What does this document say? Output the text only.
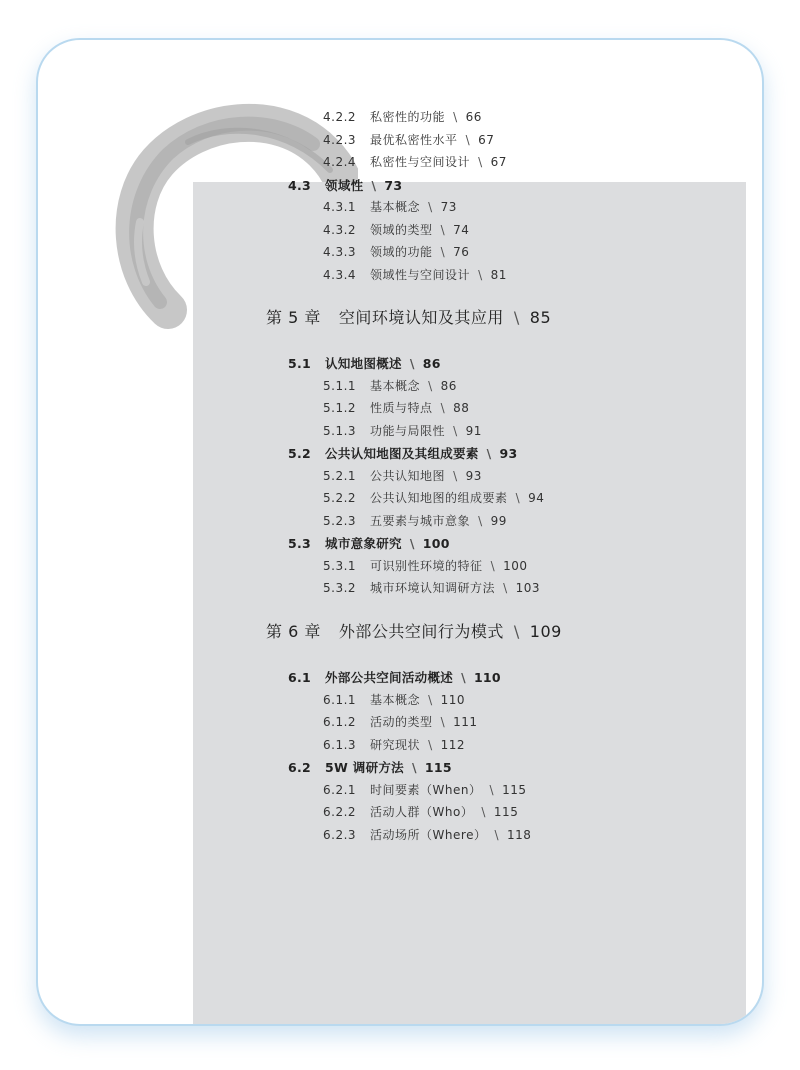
4.2.2 私密性的功能 \ 66
4.2.3 最优私密性水平 \ 67
4.2.4 私密性与空间设计 \ 67
4.3 领域性 \ 73
4.3.1 基本概念 \ 73
4.3.2 领域的类型 \ 74
4.3.3 领域的功能 \ 76
4.3.4 领域性与空间设计 \ 81
第 5 章 空间环境认知及其应用 \ 85
5.1 认知地图概述 \ 86
5.1.1 基本概念 \ 86
5.1.2 性质与特点 \ 88
5.1.3 功能与局限性 \ 91
5.2 公共认知地图及其组成要素 \ 93
5.2.1 公共认知地图 \ 93
5.2.2 公共认知地图的组成要素 \ 94
5.2.3 五要素与城市意象 \ 99
5.3 城市意象研究 \ 100
5.3.1 可识别性环境的特征 \ 100
5.3.2 城市环境认知调研方法 \ 103
第 6 章 外部公共空间行为模式 \ 109
6.1 外部公共空间活动概述 \ 110
6.1.1 基本概念 \ 110
6.1.2 活动的类型 \ 111
6.1.3 研究现状 \ 112
6.2 5W 调研方法 \ 115
6.2.1 时间要素（When） \ 115
6.2.2 活动人群（Who） \ 115
6.2.3 活动场所（Where） \ 118
